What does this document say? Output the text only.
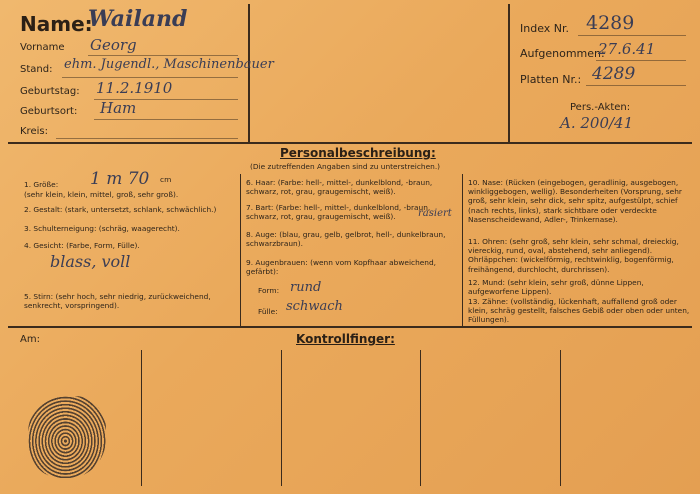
Name:
Wailand
Vorname Georg
Stand: ehm. Jugendl., Maschinenbauer
Geburtstag: 11.2.1910
Geburtsort: Ham
Kreis:
Index Nr. 4289
Aufgenommen:
27.6.41
Platten Nr.: 4289
Pers.-Akten:
A. 200/41
Personalbeschreibung:
(Die zutreffenden Angaben sind zu unterstreichen.)
1. Größe: 1 m 70 cm
(sehr klein, klein, mittel, groß, sehr groß).
2. Gestalt: (stark, untersetzt, schlank, schwächlich.)
3. Schulterneigung: (schräg, waagerecht).
4. Gesicht: (Farbe, Form, Fülle).
blass, voll
5. Stirn: (sehr hoch, sehr niedrig, zurückweichend, senkrecht, vorspringend).
6. Haar: (Farbe: hell-, mittel-, dunkelblond, -braun, schwarz, rot, grau, graugemischt, weiß).
7. Bart: (Farbe: hell-, mittel-, dunkelblond, -braun, schwarz, rot, grau, graugemischt, weiß).	rasiert
8. Auge: (blau, grau, gelb, gelbrot, hell-, dunkelbraun, schwarzbraun).
9. Augenbrauen: (wenn vom Kopfhaar abweichend, gefärbt):
Form: rund
Fülle: schwach
10. Nase: (Rücken (eingebogen, geradlinig, ausgebogen, winkliggebogen, wellig). Besonderheiten (Vorsprung, sehr groß, sehr klein, sehr dick, sehr spitz, aufgestülpt, schief (nach rechts, links), stark sichtbare oder verdeckte Nasenscheidewand, Adler-, Trinkernase).
11. Ohren: (sehr groß, sehr klein, sehr schmal, dreieckig, viereckig, rund, oval, abstehend, sehr anliegend). Ohrläppchen: (wickelförmig, rechtwinklig, bogenförmig, freihängend, durchlocht, durchrissen).
12. Mund: (sehr klein, sehr groß, dünne Lippen, aufgeworfene Lippen).
13. Zähne: (vollständig, lückenhaft, auffallend groß oder klein, schräg gestellt, falsches Gebiß oder oben oder unten, Füllungen).
Am:	Kontrollfinger:
